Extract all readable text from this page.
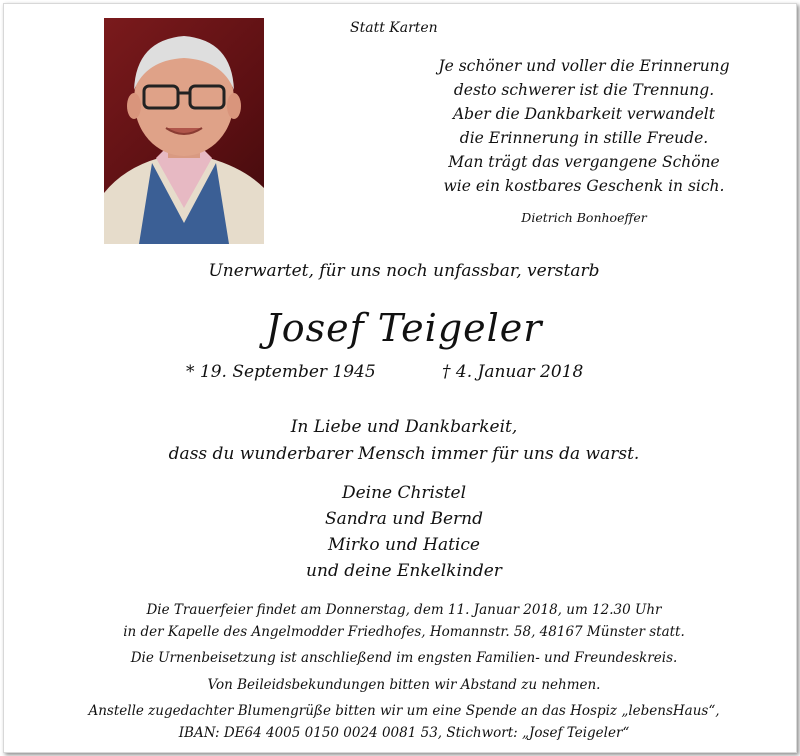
Statt Karten
Je schöner und voller die Erinnerung
desto schwerer ist die Trennung.
Aber die Dankbarkeit verwandelt
die Erinnerung in stille Freude.
Man trägt das vergangene Schöne
wie ein kostbares Geschenk in sich.
Dietrich Bonhoeffer
Unerwartet, für uns noch unfassbar, verstarb
Josef Teigeler
* 19. September 1945	† 4. Januar 2018
In Liebe und Dankbarkeit,
dass du wunderbarer Mensch immer für uns da warst.
Deine Christel
Sandra und Bernd
Mirko und Hatice
und deine Enkelkinder
Die Trauerfeier findet am Donnerstag, dem 11. Januar 2018, um 12.30 Uhr
in der Kapelle des Angelmodder Friedhofes, Homannstr. 58, 48167 Münster statt.
Die Urnenbeisetzung ist anschließend im engsten Familien- und Freundeskreis.
Von Beileidsbekundungen bitten wir Abstand zu nehmen.
Anstelle zugedachter Blumengrüße bitten wir um eine Spende an das Hospiz „lebensHaus“,
IBAN: DE64 4005 0150 0024 0081 53, Stichwort: „Josef Teigeler“
